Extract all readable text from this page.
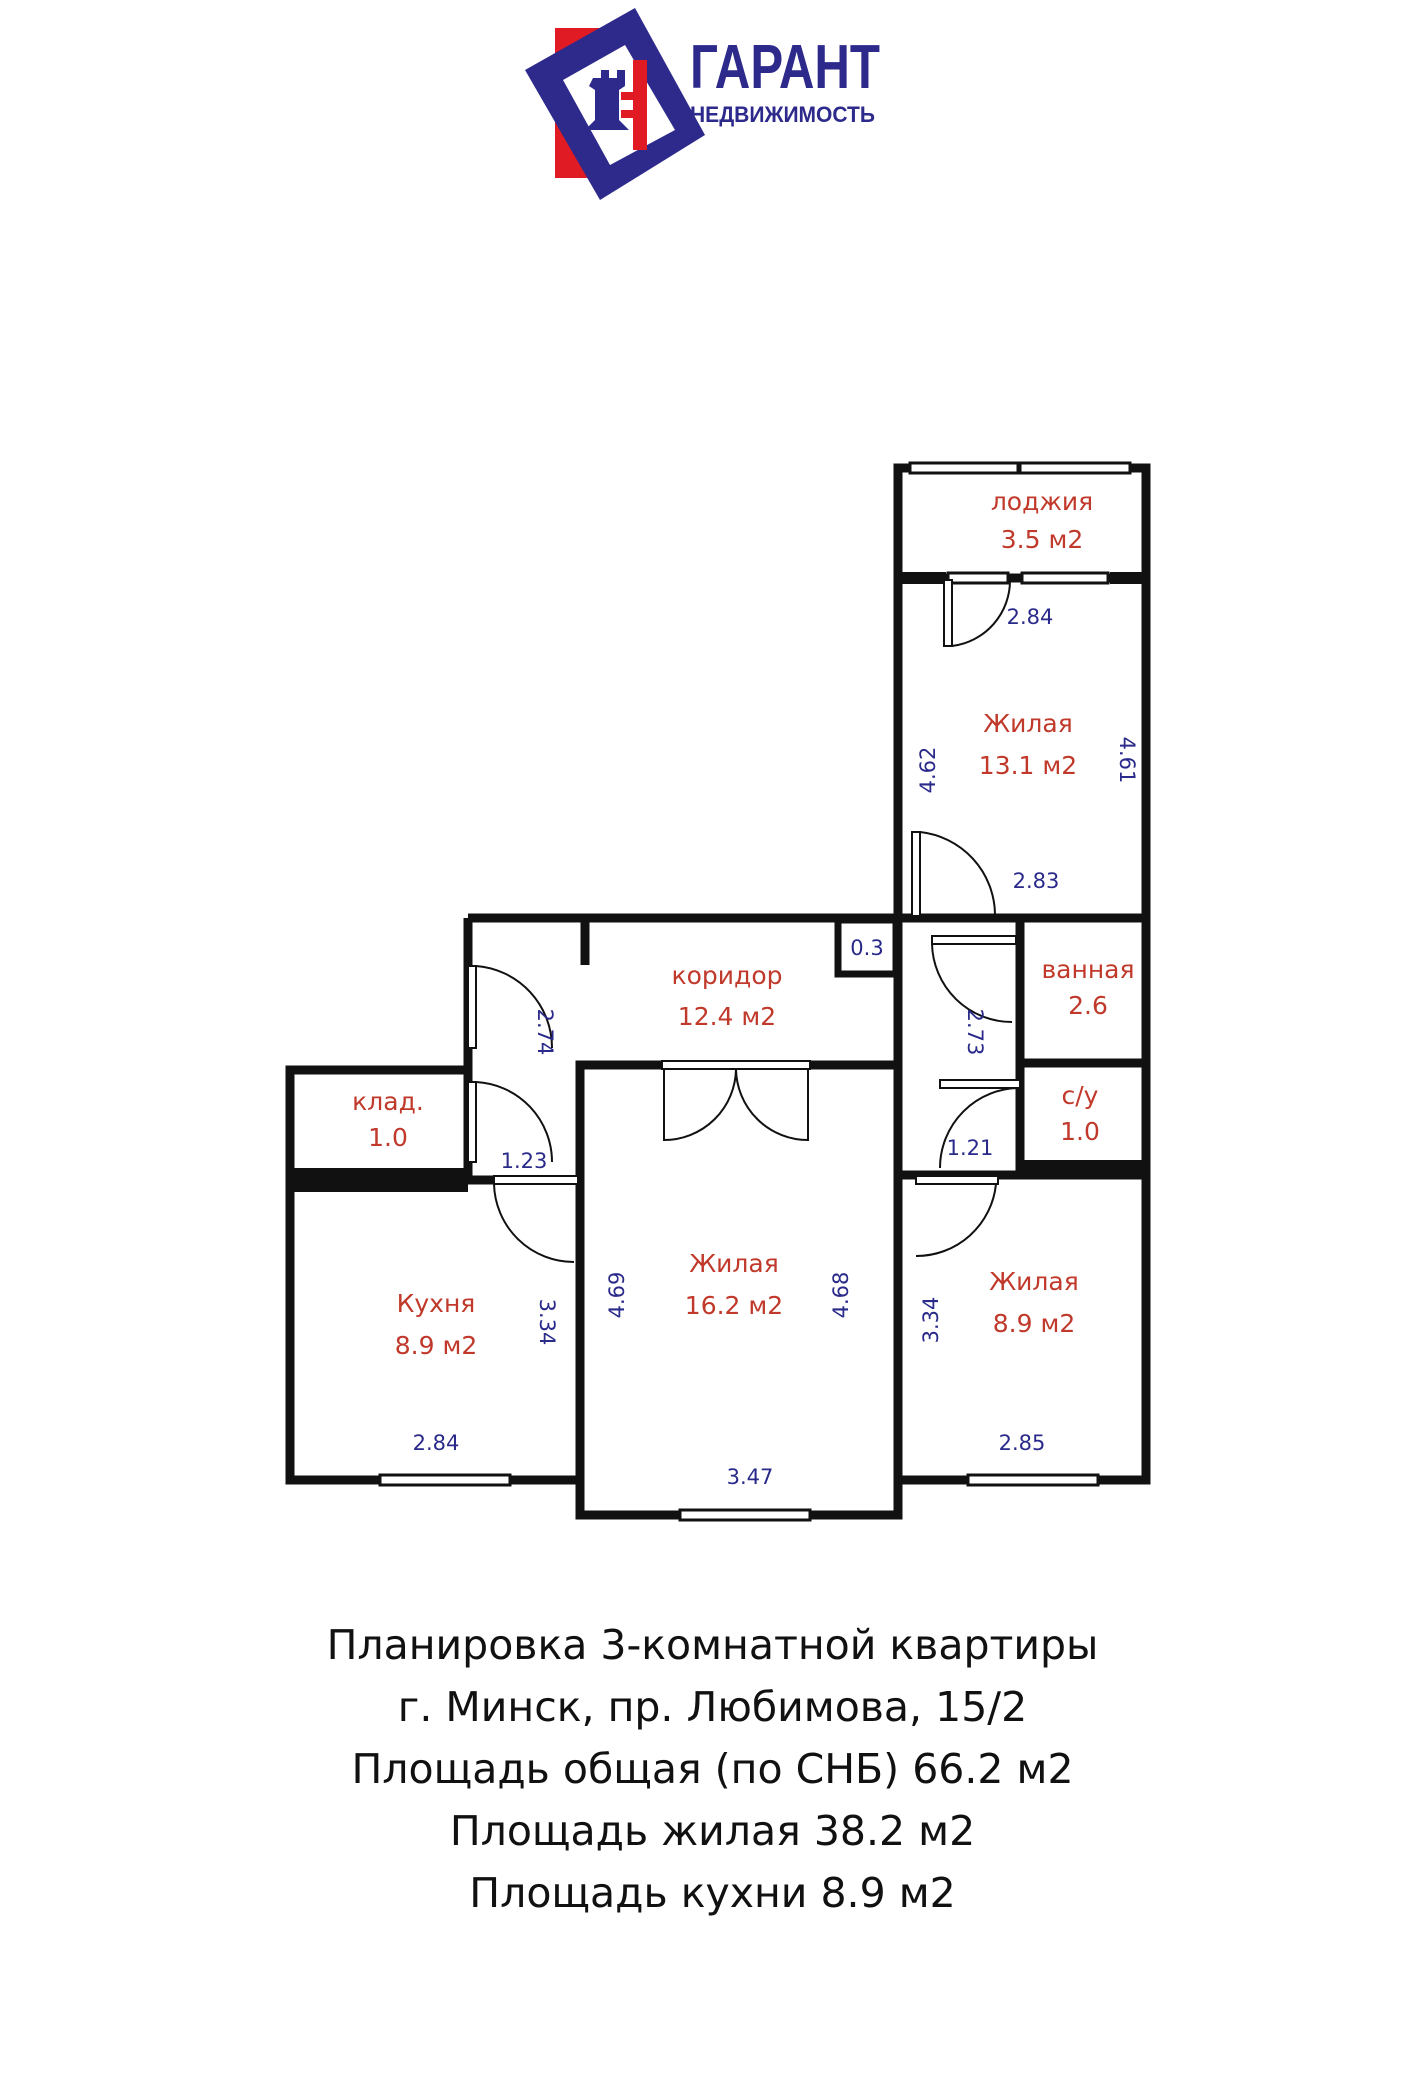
ГАРАНТ
НЕДВИЖИМОСТЬ
лоджия
3.5 м2
Жилая
13.1 м2
коридор
12.4 м2
ванная
2.6
с/у
1.0
клад.
1.0
Кухня
8.9 м2
Жилая
16.2 м2
Жилая
8.9 м2
2.84
4.62	4.61
2.83
0.3
2.74	2.73
1.23
1.21
3.34
2.84
4.69	4.68
3.47
3.34
2.85
Планировка 3-комнатной квартиры
г. Минск, пр. Любимова, 15/2
Площадь общая (по СНБ) 66.2 м2
Площадь жилая 38.2 м2
Площадь кухни 8.9 м2
